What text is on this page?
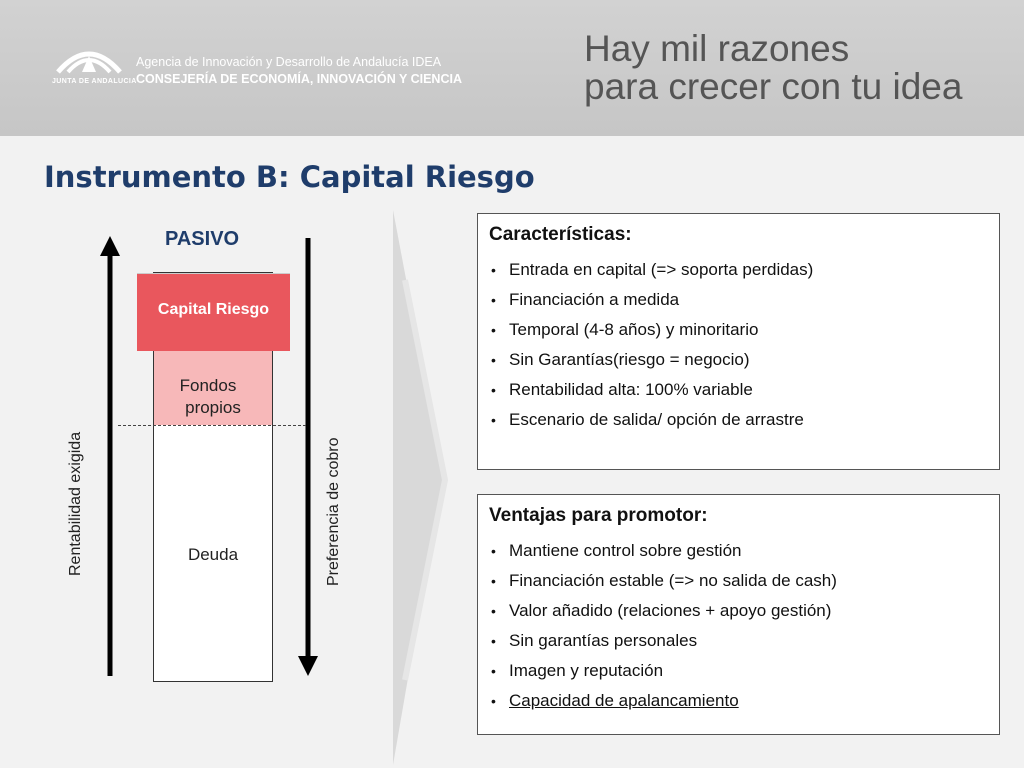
JUNTA DE ANDALUCIA
Agencia de Innovación y Desarrollo de Andalucía IDEA
CONSEJERÍA DE ECONOMÍA, INNOVACIÓN Y CIENCIA
Hay mil razones
para crecer con tu idea
Instrumento B: Capital Riesgo
PASIVO
Capital Riesgo
Fondos
propios
Deuda
Rentabilidad exigida	Preferencia de cobro
Características:
• Entrada en capital (=> soporta perdidas)
• Financiación a medida
• Temporal (4-8 años) y minoritario
• Sin Garantías(riesgo = negocio)
• Rentabilidad alta: 100% variable
• Escenario de salida/ opción de arrastre
Ventajas para promotor:
• Mantiene control sobre gestión
• Financiación estable (=> no salida de cash)
• Valor añadido (relaciones + apoyo gestión)
• Sin garantías personales
• Imagen y reputación
• Capacidad de apalancamiento
